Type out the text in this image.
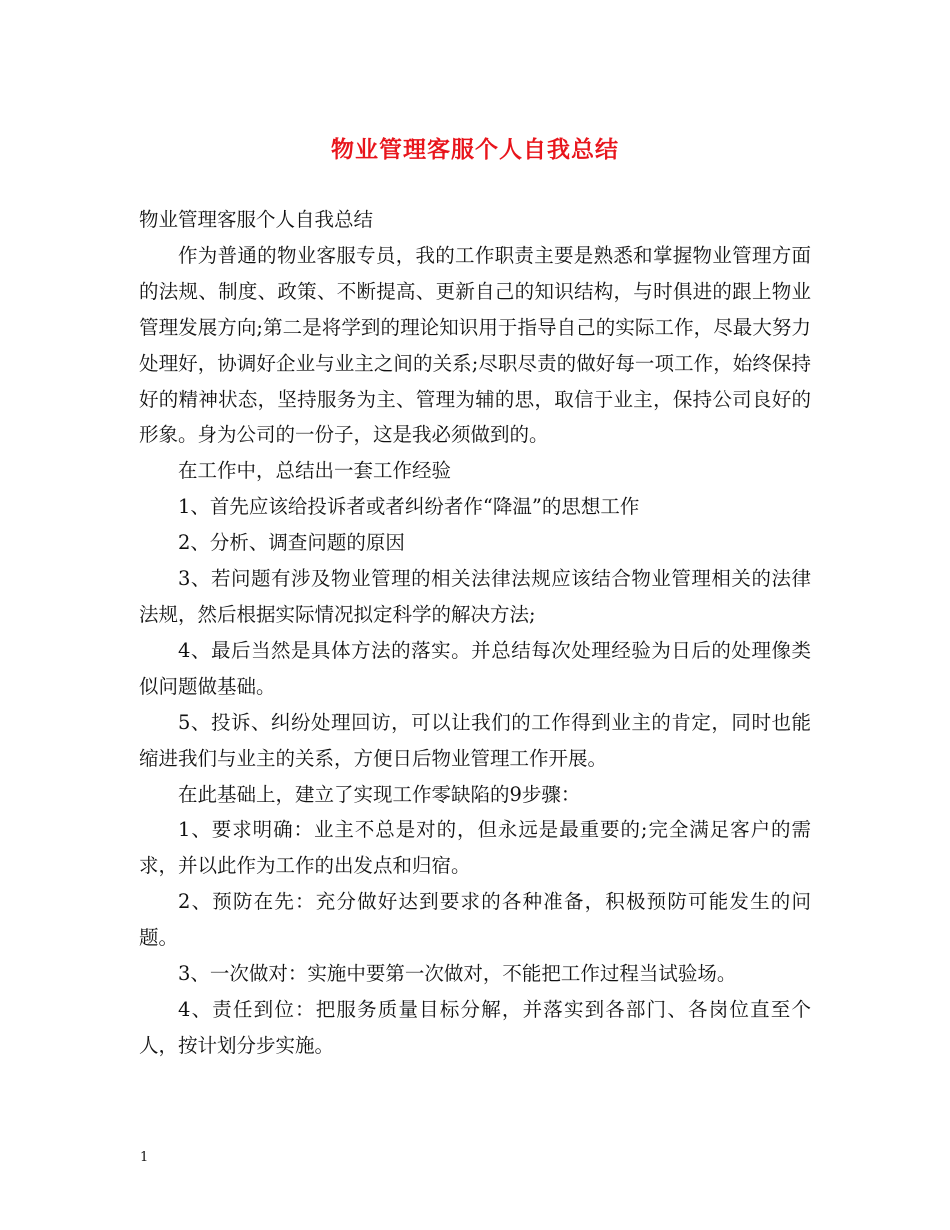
物业管理客服个人自我总结

物业管理客服个人自我总结

作为普通的物业客服专员，我的工作职责主要是熟悉和掌握物业管理方面的法规、制度、政策、不断提高、更新自己的知识结构，与时俱进的跟上物业管理发展方向;第二是将学到的理论知识用于指导自己的实际工作，尽最大努力处理好，协调好企业与业主之间的关系;尽职尽责的做好每一项工作，始终保持好的精神状态，坚持服务为主、管理为辅的思，取信于业主，保持公司良好的形象。身为公司的一份子，这是我必须做到的。

在工作中，总结出一套工作经验

1、首先应该给投诉者或者纠纷者作“降温”的思想工作

2、分析、调查问题的原因

3、若问题有涉及物业管理的相关法律法规应该结合物业管理相关的法律法规，然后根据实际情况拟定科学的解决方法;

4、最后当然是具体方法的落实。并总结每次处理经验为日后的处理像类似问题做基础。

5、投诉、纠纷处理回访，可以让我们的工作得到业主的肯定，同时也能缩进我们与业主的关系，方便日后物业管理工作开展。

在此基础上，建立了实现工作零缺陷的9步骤：

1、要求明确：业主不总是对的，但永远是最重要的;完全满足客户的需求，并以此作为工作的出发点和归宿。

2、预防在先：充分做好达到要求的各种准备，积极预防可能发生的问题。

3、一次做对：实施中要第一次做对，不能把工作过程当试验场。

4、责任到位：把服务质量目标分解，并落实到各部门、各岗位直至个人，按计划分步实施。

1
